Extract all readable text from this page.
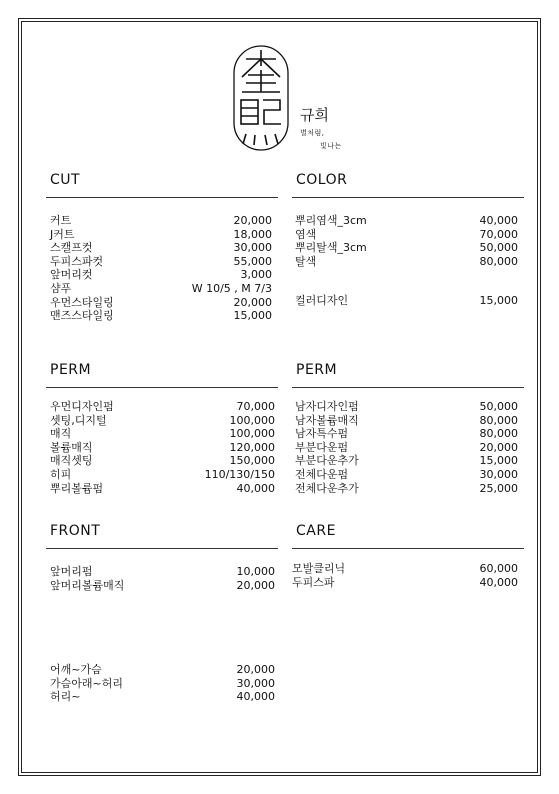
규희
별처럼,
빛나는
CUT
커트	20,000
J커트	18,000
스캘프컷	30,000
두피스파컷	55,000
앞머리컷	3,000
샴푸	W 10/5 , M 7/3
우먼스타일링	20,000
맨즈스타일링	15,000
COLOR
뿌리염색_3cm	40,000
염색	70,000
뿌리탈색_3cm	50,000
탈색	80,000
컬러디자인	15,000
PERM
우먼디자인펌	70,000
셋팅,디지털	100,000
매직	100,000
볼륨매직	120,000
매직셋팅	150,000
히피	110/130/150
뿌리볼륨펌	40,000
PERM
남자디자인펌	50,000
남자볼륨매직	80,000
남자특수펌	80,000
부분다운펌	20,000
부분다운추가	15,000
전체다운펌	30,000
전체다운추가	25,000
FRONT
앞머리펌	10,000
앞머리볼륨매직	20,000
CARE
모발클리닉	60,000
두피스파	40,000
어깨~가슴	20,000
가슴아래~허리	30,000
허리~	40,000
